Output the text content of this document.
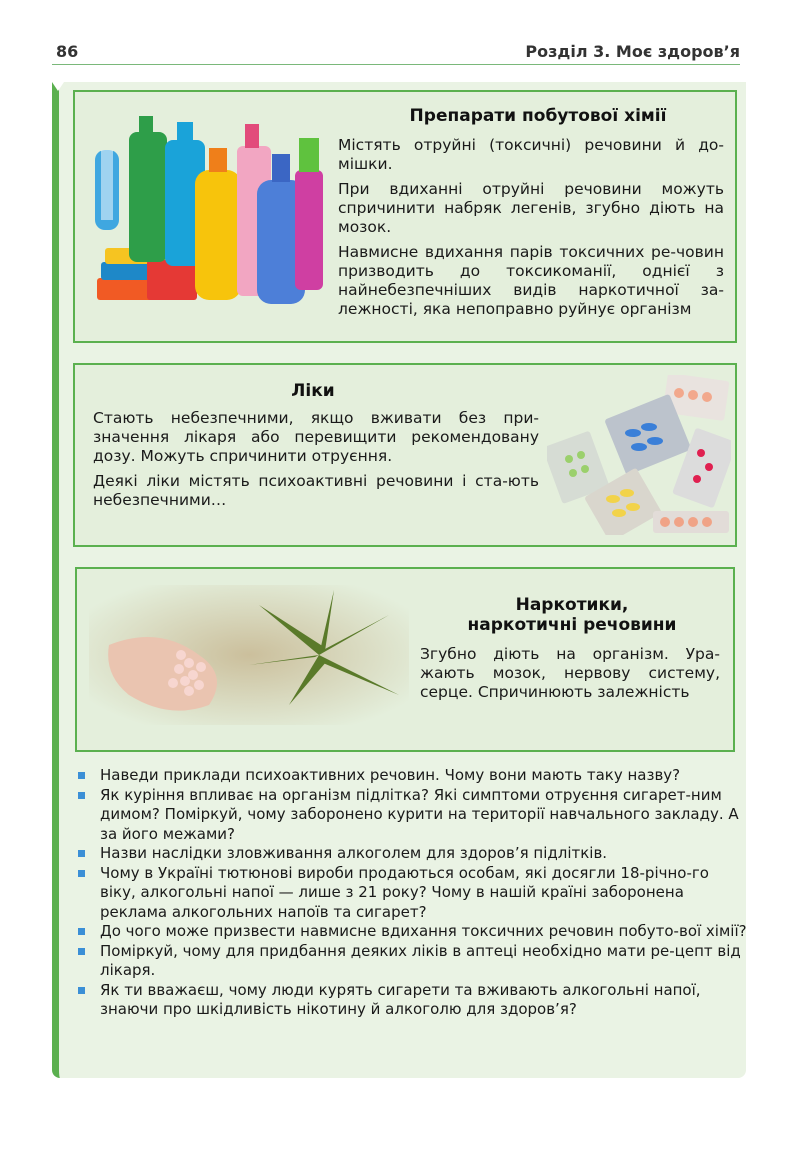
86	Розділ 3. Моє здоров’я
Препарати побутової хімії

Містять отруйні (токсичні) речовини й до-мішки.

При вдиханні отруйні речовини можуть спричинити набряк легенів, згубно діють на мозок.

Навмисне вдихання парів токсичних ре-човин призводить до токсикоманії, однієї з найнебезпечніших видів наркотичної за-лежності, яка непоправно руйнує організм

Ліки

Стають небезпечними, якщо вживати без при-значення лікаря або перевищити рекомендовану дозу. Можуть спричинити отруєння.

Деякі ліки містять психоактивні речовини і ста-ють небезпечними…

Наркотики,
наркотичні речовини
Згубно діють на організм. Ура-жають мозок, нервову систему, серце. Спричинюють залежність
Наведи приклади психоактивних речовин. Чому вони мають таку назву?
Як куріння впливає на організм підлітка? Які симптоми отруєння сигарет-ним димом? Поміркуй, чому заборонено курити на території навчального закладу. А за його межами?
Назви наслідки зловживання алкоголем для здоров’я підлітків.
Чому в Україні тютюнові вироби продаються особам, які досягли 18-річно-го віку, алкогольні напої — лише з 21 року? Чому в нашій країні заборонена реклама алкогольних напоїв та сигарет?
До чого може призвести навмисне вдихання токсичних речовин побуто-вої хімії?
Поміркуй, чому для придбання деяких ліків в аптеці необхідно мати ре-цепт від лікаря.
Як ти вважаєш, чому люди курять сигарети та вживають алкогольні напої, знаючи про шкідливість нікотину й алкоголю для здоров’я?
